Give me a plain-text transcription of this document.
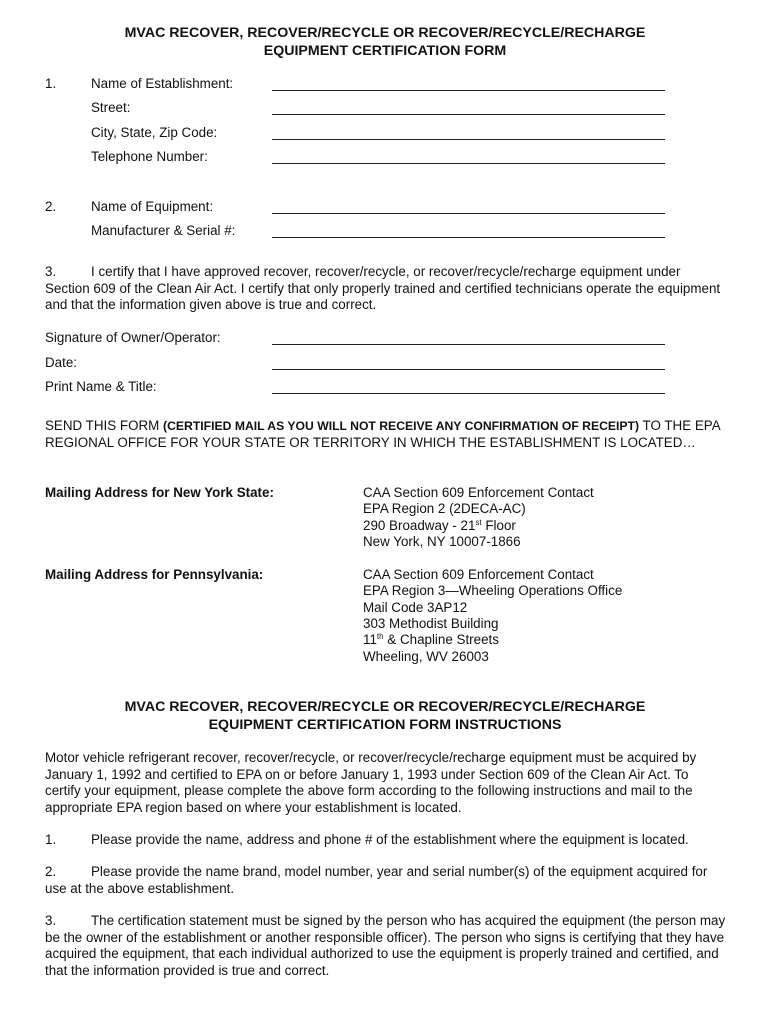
MVAC RECOVER, RECOVER/RECYCLE OR RECOVER/RECYCLE/RECHARGE
EQUIPMENT CERTIFICATION FORM
1.	Name of Establishment:
Street:
City, State, Zip Code:
Telephone Number:
2.	Name of Equipment:
Manufacturer & Serial #:
3.	I certify that I have approved recover, recover/recycle, or recover/recycle/recharge equipment under Section 609 of the Clean Air Act. I certify that only properly trained and certified technicians operate the equipment and that the information given above is true and correct.
Signature of Owner/Operator:
Date:
Print Name & Title:
SEND THIS FORM (CERTIFIED MAIL AS YOU WILL NOT RECEIVE ANY CONFIRMATION OF RECEIPT) TO THE EPA REGIONAL OFFICE FOR YOUR STATE OR TERRITORY IN WHICH THE ESTABLISHMENT IS LOCATED…
Mailing Address for New York State:	CAA Section 609 Enforcement Contact
EPA Region 2 (2DECA-AC)
290 Broadway - 21st Floor
New York, NY 10007-1866
Mailing Address for Pennsylvania:	CAA Section 609 Enforcement Contact
EPA Region 3—Wheeling Operations Office
Mail Code 3AP12
303 Methodist Building
11th & Chapline Streets
Wheeling, WV 26003
MVAC RECOVER, RECOVER/RECYCLE OR RECOVER/RECYCLE/RECHARGE
EQUIPMENT CERTIFICATION FORM INSTRUCTIONS
Motor vehicle refrigerant recover, recover/recycle, or recover/recycle/recharge equipment must be acquired by January 1, 1992 and certified to EPA on or before January 1, 1993 under Section 609 of the Clean Air Act. To certify your equipment, please complete the above form according to the following instructions and mail to the appropriate EPA region based on where your establishment is located.
1.	Please provide the name, address and phone # of the establishment where the equipment is located.
2.	Please provide the name brand, model number, year and serial number(s) of the equipment acquired for use at the above establishment.
3.	The certification statement must be signed by the person who has acquired the equipment (the person may be the owner of the establishment or another responsible officer). The person who signs is certifying that they have acquired the equipment, that each individual authorized to use the equipment is properly trained and certified, and that the information provided is true and correct.
